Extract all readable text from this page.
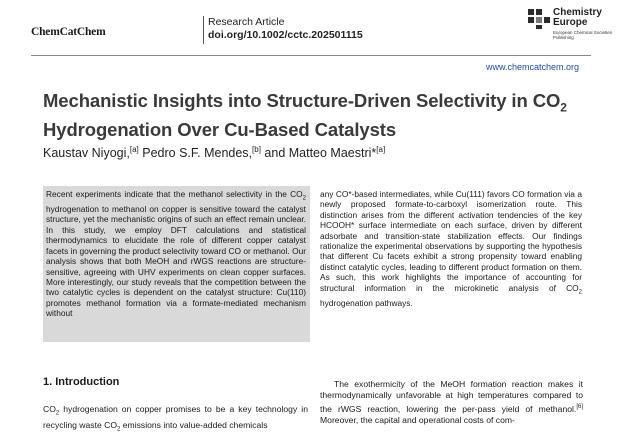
ChemCatChem
Research Article
doi.org/10.1002/cctc.202501115
Chemistry
Europe
European Chemical Societies Publishing
www.chemcatchem.org
Mechanistic Insights into Structure-Driven Selectivity in $CO_2$
Hydrogenation Over Cu-Based Catalysts
Kaustav Niyogi,[a] Pedro S.F. Mendes,[b] and Matteo Maestri*[a]
Recent experiments indicate that the methanol selectivity in the $CO_2$ hydrogenation to methanol on copper is sensitive toward the catalyst structure, yet the mechanistic origins of such an effect remain unclear. In this study, we employ DFT calculations and statistical thermodynamics to elucidate the role of different copper catalyst facets in governing the product selectivity toward CO or methanol. Our analysis shows that both MeOH and rWGS reactions are structure-sensitive, agreeing with UHV experiments on clean copper surfaces. More interestingly, our study reveals that the competition between the two catalytic cycles is dependent on the catalyst structure: Cu(110) promotes methanol formation via a formate-mediated mechanism without
any CO*-based intermediates, while Cu(111) favors CO formation via a newly proposed formate-to-carboxyl isomerization route. This distinction arises from the different activation tendencies of the key HCOOH* surface intermediate on each surface, driven by different adsorbate and transition-state stabilization effects. Our findings rationalize the experimental observations by supporting the hypothesis that different Cu facets exhibit a strong propensity toward enabling distinct catalytic cycles, leading to different product formation on them. As such, this work highlights the importance of accounting for structural information in the microkinetic analysis of $CO_2$ hydrogenation pathways.
1. Introduction
$CO_2$ hydrogenation on copper promises to be a key technology in recycling waste $CO_2$ emissions into value-added chemicals
The exothermicity of the MeOH formation reaction makes it thermodynamically unfavorable at high temperatures compared to the rWGS reaction, lowering the per-pass yield of methanol.[6] Moreover, the capital and operational costs of com-
